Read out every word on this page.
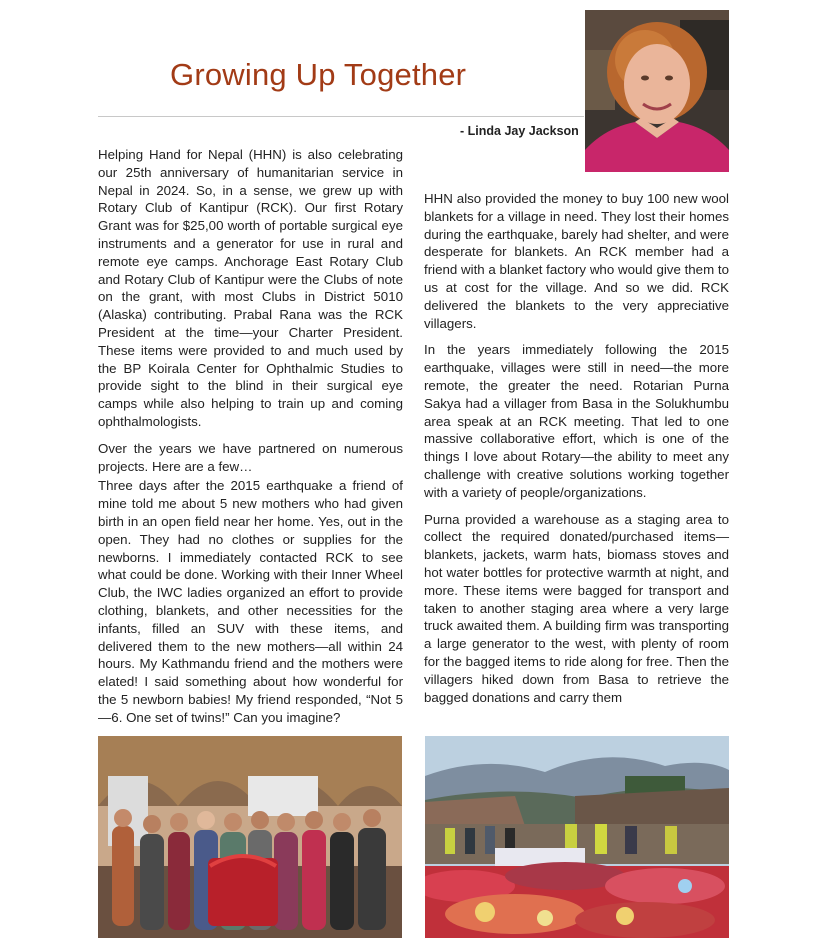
Growing Up Together
- Linda Jay Jackson

Helping Hand for Nepal (HHN) is also celebrating our 25th anniversary of humanitarian service in Nepal in 2024. So, in a sense, we grew up with Rotary Club of Kantipur (RCK). Our first Rotary Grant was for $25,00 worth of portable surgical eye instruments and a generator for use in rural and remote eye camps. Anchorage East Rotary Club and Rotary Club of Kantipur were the Clubs of note on the grant, with most Clubs in District 5010 (Alaska) contributing. Prabal Rana was the RCK President at the time—your Charter President. These items were provided to and much used by the BP Koirala Center for Ophthalmic Studies to provide sight to the blind in their surgical eye camps while also helping to train up and coming ophthalmologists.

Over the years we have partnered on numerous projects. Here are a few…

Three days after the 2015 earthquake a friend of mine told me about 5 new mothers who had given birth in an open field near her home. Yes, out in the open. They had no clothes or supplies for the newborns. I immediately contacted RCK to see what could be done. Working with their Inner Wheel Club, the IWC ladies organized an effort to provide clothing, blankets, and other necessities for the infants, filled an SUV with these items, and delivered them to the new mothers—all within 24 hours. My Kathmandu friend and the mothers were elated! I said something about how wonderful for the 5 newborn babies! My friend responded, “Not 5—6. One set of twins!” Can you imagine?

HHN also provided the money to buy 100 new wool blankets for a village in need. They lost their homes during the earthquake, barely had shelter, and were desperate for blankets. An RCK member had a friend with a blanket factory who would give them to us at cost for the village. And so we did. RCK delivered the blankets to the very appreciative villagers.

In the years immediately following the 2015 earthquake, villages were still in need—the more remote, the greater the need. Rotarian Purna Sakya had a villager from Basa in the Solukhumbu area speak at an RCK meeting. That led to one massive collaborative effort, which is one of the things I love about Rotary—the ability to meet any challenge with creative solutions working together with a variety of people/organizations.

Purna provided a warehouse as a staging area to collect the required donated/purchased items—blankets, jackets, warm hats, biomass stoves and hot water bottles for protective warmth at night, and more. These items were bagged for transport and taken to another staging area where a very large truck awaited them. A building firm was transporting a large generator to the west, with plenty of room for the bagged items to ride along for free. Then the villagers hiked down from Basa to retrieve the bagged donations and carry them
